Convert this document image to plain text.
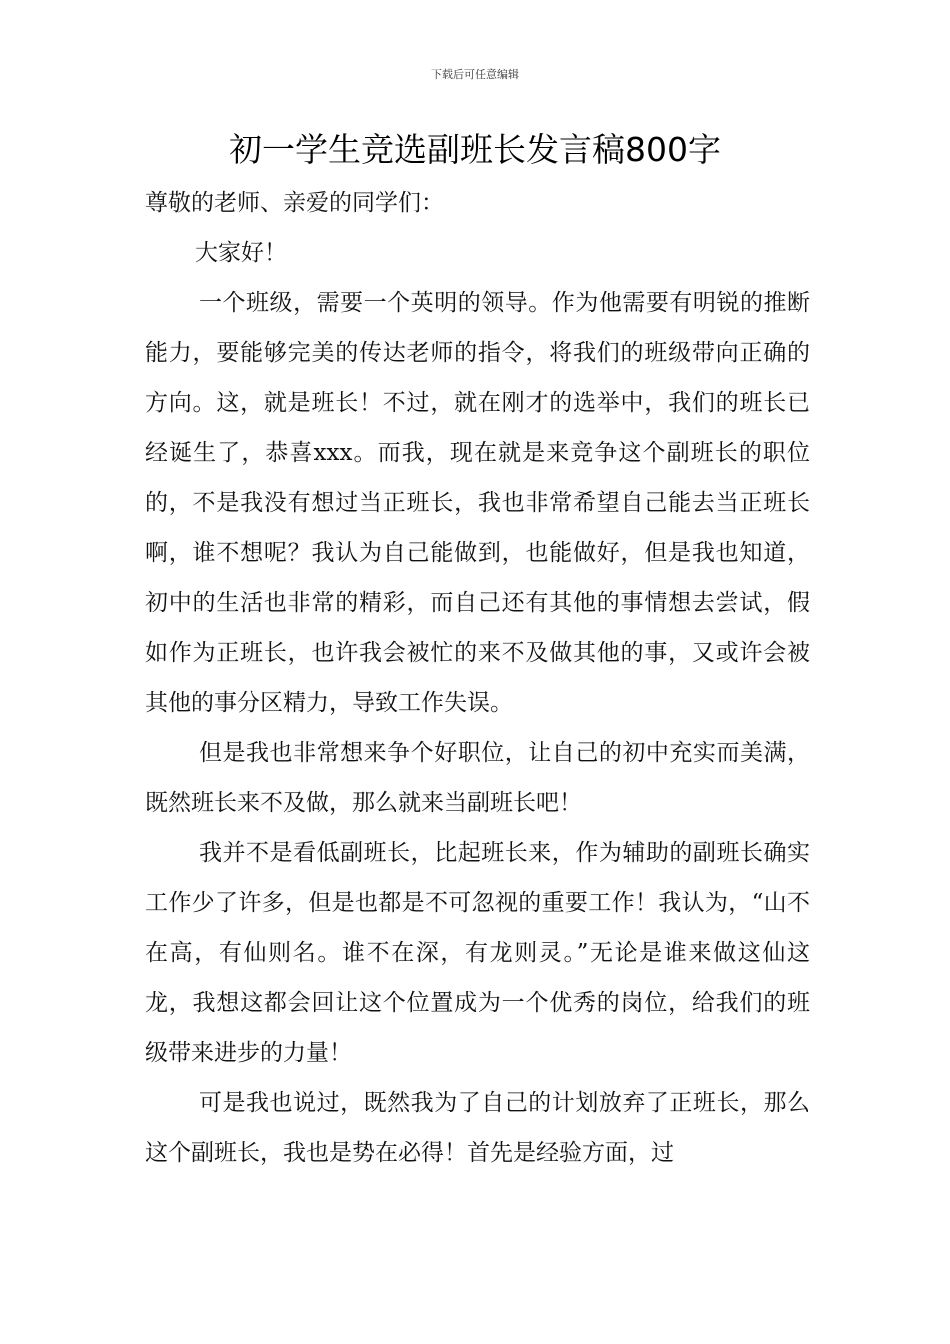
下载后可任意编辑
初一学生竞选副班长发言稿800字

尊敬的老师、亲爱的同学们：

大家好！

一个班级，需要一个英明的领导。作为他需要有明锐的推断能力，要能够完美的传达老师的指令，将我们的班级带向正确的方向。这，就是班长！不过，就在刚才的选举中，我们的班长已经诞生了，恭喜xxx。而我，现在就是来竞争这个副班长的职位的，不是我没有想过当正班长，我也非常希望自己能去当正班长啊，谁不想呢？我认为自己能做到，也能做好，但是我也知道，初中的生活也非常的精彩，而自己还有其他的事情想去尝试，假如作为正班长，也许我会被忙的来不及做其他的事，又或许会被其他的事分区精力，导致工作失误。

但是我也非常想来争个好职位，让自己的初中充实而美满，既然班长来不及做，那么就来当副班长吧！

我并不是看低副班长，比起班长来，作为辅助的副班长确实工作少了许多，但是也都是不可忽视的重要工作！我认为，“山不在高，有仙则名。谁不在深，有龙则灵。”无论是谁来做这仙这龙，我想这都会回让这个位置成为一个优秀的岗位，给我们的班级带来进步的力量！

可是我也说过，既然我为了自己的计划放弃了正班长，那么这个副班长，我也是势在必得！首先是经验方面，过
